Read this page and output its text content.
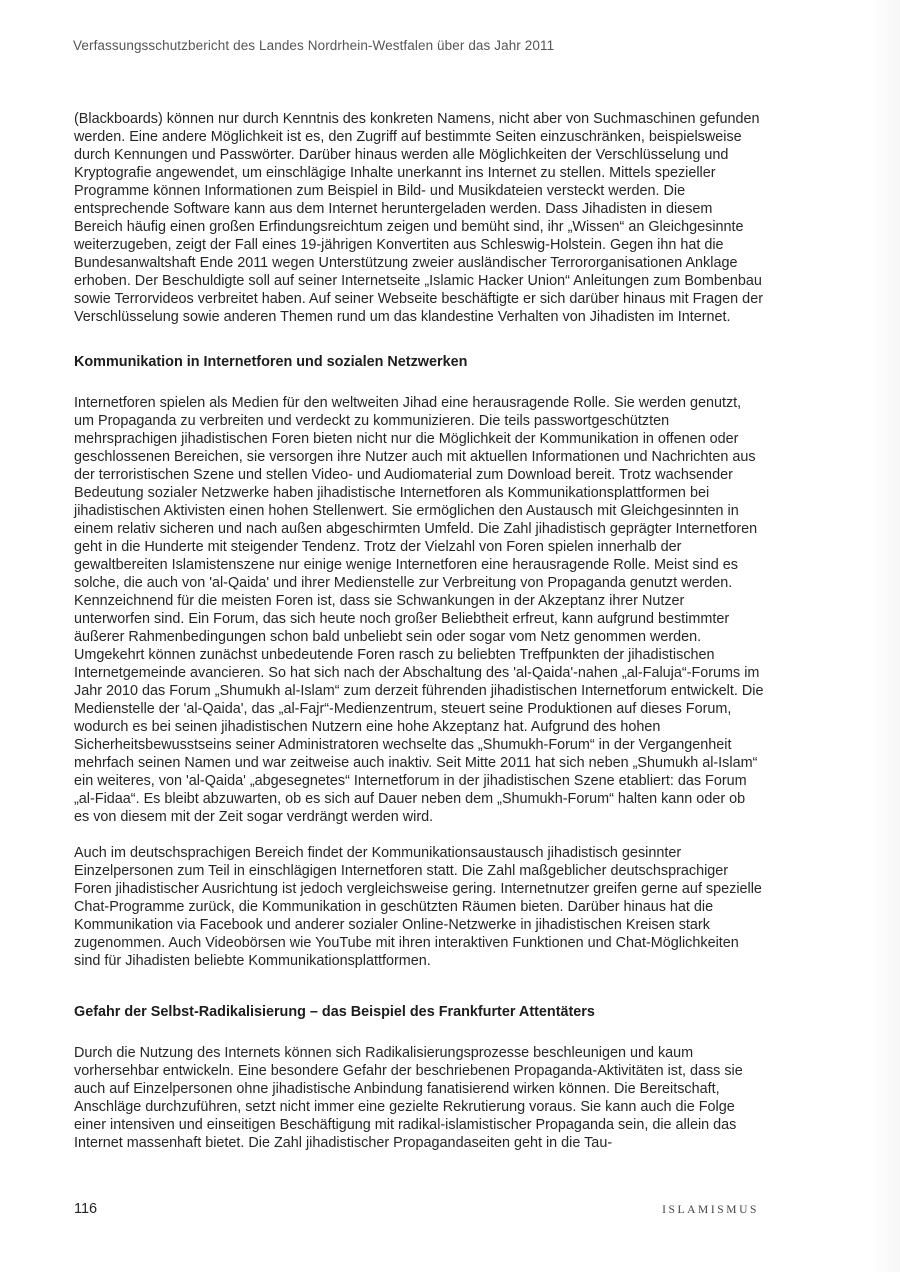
Verfassungsschutzbericht des Landes Nordrhein-Westfalen über das Jahr 2011

(Blackboards) können nur durch Kenntnis des konkreten Namens, nicht aber von Suchmaschinen gefunden werden. Eine andere Möglichkeit ist es, den Zugriff auf bestimmte Seiten einzuschränken, beispielsweise durch Kennungen und Passwörter. Darüber hinaus werden alle Möglichkeiten der Verschlüsselung und Kryptografie angewendet, um einschlägige Inhalte unerkannt ins Internet zu stellen. Mittels spezieller Programme können Informationen zum Beispiel in Bild- und Musikdateien versteckt werden. Die entsprechende Software kann aus dem Internet heruntergeladen werden. Dass Jihadisten in diesem Bereich häufig einen großen Erfindungsreichtum zeigen und bemüht sind, ihr „Wissen“ an Gleichgesinnte weiterzugeben, zeigt der Fall eines 19-jährigen Konvertiten aus Schleswig-Holstein. Gegen ihn hat die Bundesanwaltshaft Ende 2011 wegen Unterstützung zweier ausländischer Terrororganisationen Anklage erhoben. Der Beschuldigte soll auf seiner Internetseite „Islamic Hacker Union“ Anleitungen zum Bombenbau sowie Terrorvideos verbreitet haben. Auf seiner Webseite beschäftigte er sich darüber hinaus mit Fragen der Verschlüsselung sowie anderen Themen rund um das klandestine Verhalten von Jihadisten im Internet.

Kommunikation in Internetforen und sozialen Netzwerken

Internetforen spielen als Medien für den weltweiten Jihad eine herausragende Rolle. Sie werden genutzt, um Propaganda zu verbreiten und verdeckt zu kommunizieren. Die teils passwortgeschützten mehrsprachigen jihadistischen Foren bieten nicht nur die Möglichkeit der Kommunikation in offenen oder geschlossenen Bereichen, sie versorgen ihre Nutzer auch mit aktuellen Informationen und Nachrichten aus der terroristischen Szene und stellen Video- und Audiomaterial zum Download bereit. Trotz wachsender Bedeutung sozialer Netzwerke haben jihadistische Internetforen als Kommunikationsplattformen bei jihadistischen Aktivisten einen hohen Stellenwert. Sie ermöglichen den Austausch mit Gleichgesinnten in einem relativ sicheren und nach außen abgeschirmten Umfeld. Die Zahl jihadistisch geprägter Internetforen geht in die Hunderte mit steigender Tendenz. Trotz der Vielzahl von Foren spielen innerhalb der gewaltbereiten Islamistenszene nur einige wenige Internetforen eine herausragende Rolle. Meist sind es solche, die auch von 'al-Qaida' und ihrer Medienstelle zur Verbreitung von Propaganda genutzt werden. Kennzeichnend für die meisten Foren ist, dass sie Schwankungen in der Akzeptanz ihrer Nutzer unterworfen sind. Ein Forum, das sich heute noch großer Beliebtheit erfreut, kann aufgrund bestimmter äußerer Rahmenbedingungen schon bald unbeliebt sein oder sogar vom Netz genommen werden. Umgekehrt können zunächst unbedeutende Foren rasch zu beliebten Treffpunkten der jihadistischen Internetgemeinde avancieren. So hat sich nach der Abschaltung des 'al-Qaida'-nahen „al-Faluja“-Forums im Jahr 2010 das Forum „Shumukh al-Islam“ zum derzeit führenden jihadistischen Internetforum entwickelt. Die Medienstelle der 'al-Qaida', das „al-Fajr“-Medienzentrum, steuert seine Produktionen auf dieses Forum, wodurch es bei seinen jihadistischen Nutzern eine hohe Akzeptanz hat. Aufgrund des hohen Sicherheitsbewusstseins seiner Administratoren wechselte das „Shumukh-Forum“ in der Vergangenheit mehrfach seinen Namen und war zeitweise auch inaktiv. Seit Mitte 2011 hat sich neben „Shumukh al-Islam“ ein weiteres, von 'al-Qaida' „abgesegnetes“ Internetforum in der jihadistischen Szene etabliert: das Forum „al-Fidaa“. Es bleibt abzuwarten, ob es sich auf Dauer neben dem „Shumukh-Forum“ halten kann oder ob es von diesem mit der Zeit sogar verdrängt werden wird.

Auch im deutschsprachigen Bereich findet der Kommunikationsaustausch jihadistisch gesinnter Einzelpersonen zum Teil in einschlägigen Internetforen statt. Die Zahl maßgeblicher deutschsprachiger Foren jihadistischer Ausrichtung ist jedoch vergleichsweise gering. Internetnutzer greifen gerne auf spezielle Chat-Programme zurück, die Kommunikation in geschützten Räumen bieten. Darüber hinaus hat die Kommunikation via Facebook und anderer sozialer Online-Netzwerke in jihadistischen Kreisen stark zugenommen. Auch Videobörsen wie YouTube mit ihren interaktiven Funktionen und Chat-Möglichkeiten sind für Jihadisten beliebte Kommunikationsplattformen.

Gefahr der Selbst-Radikalisierung – das Beispiel des Frankfurter Attentäters

Durch die Nutzung des Internets können sich Radikalisierungsprozesse beschleunigen und kaum vorhersehbar entwickeln. Eine besondere Gefahr der beschriebenen Propaganda-Aktivitäten ist, dass sie auch auf Einzelpersonen ohne jihadistische Anbindung fanatisierend wirken können. Die Bereitschaft, Anschläge durchzuführen, setzt nicht immer eine gezielte Rekrutierung voraus. Sie kann auch die Folge einer intensiven und einseitigen Beschäftigung mit radikal-islamistischer Propaganda sein, die allein das Internet massenhaft bietet. Die Zahl jihadistischer Propagandaseiten geht in die Tau-

116	ISLAMISMUS
